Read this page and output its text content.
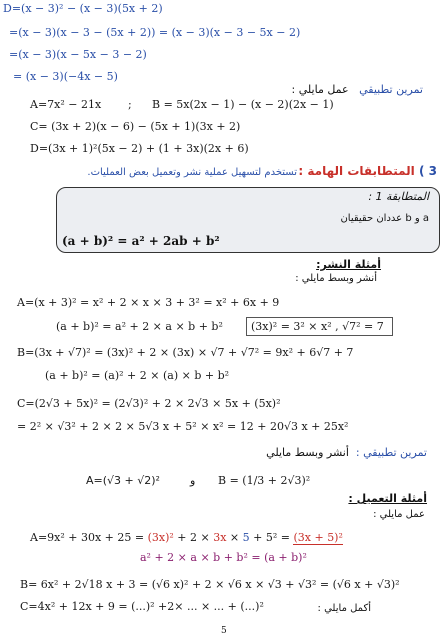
D=(x − 3)² − (x − 3)(5x + 2)
=(x − 3)(x − 3 − (5x + 2)) = (x − 3)(x − 3 − 5x − 2)
=(x − 3)(x − 5x − 3 − 2)
= (x − 3)(−4x − 5)
تمرين تطبيقي   عمل مايلي :
A=7x² − 21x ; B = 5x(2x − 1) − (x − 2)(2x − 1)
C= (3x + 2)(x − 6) − (5x + 1)(3x + 2)
D=(3x + 1)²(5x − 2) + (1 + 3x)(2x + 6)
3 ) المتطابقات الهامة :
تستخدم لتسهيل عملية نشر وتعميل بعض العمليات.
المتطابقة 1 :
a و b عددان حقيقيان
(a + b)² = a² + 2ab + b²
أمثلة النشر:
أنشر وبسط مايلي :
A=(x + 3)² = x² + 2 × x × 3 + 3² = x² + 6x + 9
(a + b)² = a² + 2 × a × b + b²	(3x)² = 3² × x² , √7² = 7
B=(3x + √7)² = (3x)² + 2 × (3x) × √7 + √7² = 9x² + 6√7 + 7
(a + b)² = (a)² + 2 × (a) × b + b²
C=(2√3 + 5x)² = (2√3)² + 2 × 2√3 × 5x + (5x)²
= 2² × √3² + 2 × 2 × 5√3 x + 5² × x² = 12 + 20√3 x + 25x²
تمرين تطبيقي :  أنشر وبسط مايلي
A=(√3 + √2)²	و B = (1/3 + 2√3)²
أمثلة التعميل :
عمل مايلي :
A=9x² + 30x + 25 = (3x)² + 2 × 3x × 5 + 5² = (3x + 5)²
a² + 2 × a × b + b² = (a + b)²
B= 6x² + 2√18 x + 3 = (√6 x)² + 2 × √6 x × √3 + √3² = (√6 x + √3)²
C=4x² + 12x + 9 = (...)² +2× ... × ... + (...)²	أكمل مايلي :
5
